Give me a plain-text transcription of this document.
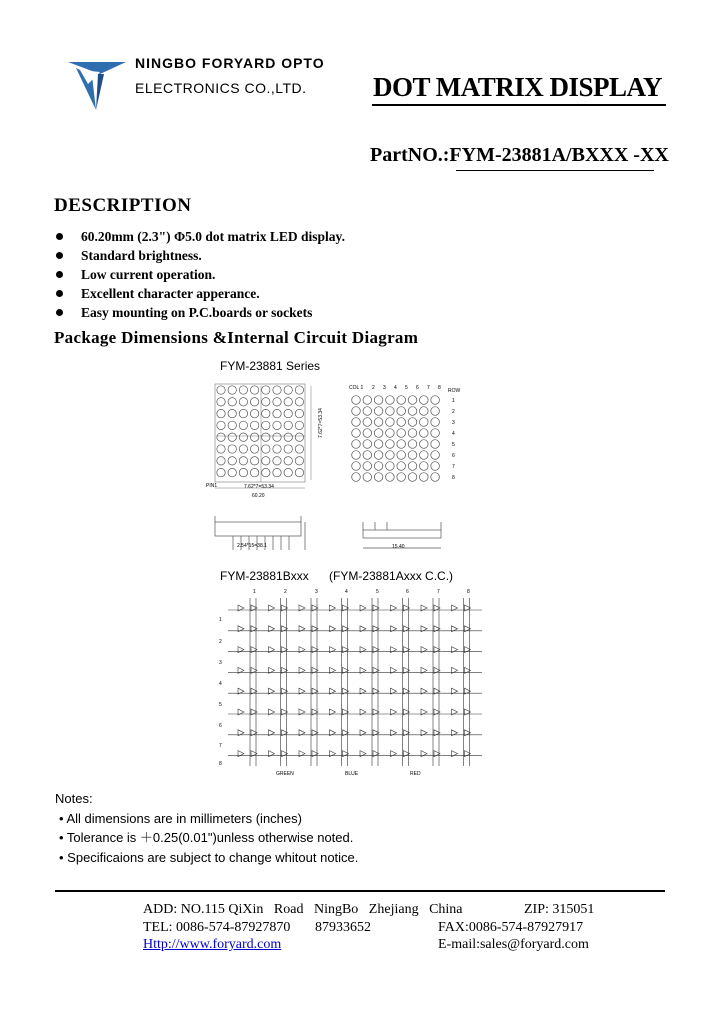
NINGBO FORYARD OPTO
ELECTRONICS CO.,LTD. DOT MATRIX DISPLAY
PartNO.:FYM-23881A/BXXX -XX
DESCRIPTION
60.20mm (2.3") Φ5.0 dot matrix LED display.
Standard brightness.
Low current operation.
Excellent character apperance.
Easy mounting on P.C.boards or sockets
Package Dimensions &Internal Circuit Diagram
FYM-23881 Series
PIN1	7.62*7=53.34
60.20
7.62*7=53.34
COL 1 2 3 4 5 6 7 8 ROW
1
2
3
4
5
6
7
8
2.54*15=38.1	15.40
FYM-23881Bxxx (FYM-23881Axxx C.C.)
1	2	3	4	5	6	7	8
1
2
3
4
5
6
7
8
GREEN	BLUE	RED
Notes:
• All dimensions are in millimeters (inches)
• Tolerance is ＋0.25(0.01")unless otherwise noted.
• Specificaions are subject to change whitout notice.
ADD: NO.115 QiXin   Road   NingBo   Zhejiang   China	ZIP: 315051
TEL: 0086-574-87927870 87933652	FAX:0086-574-87927917
Http://www.foryard.com	E-mail:sales@foryard.com
